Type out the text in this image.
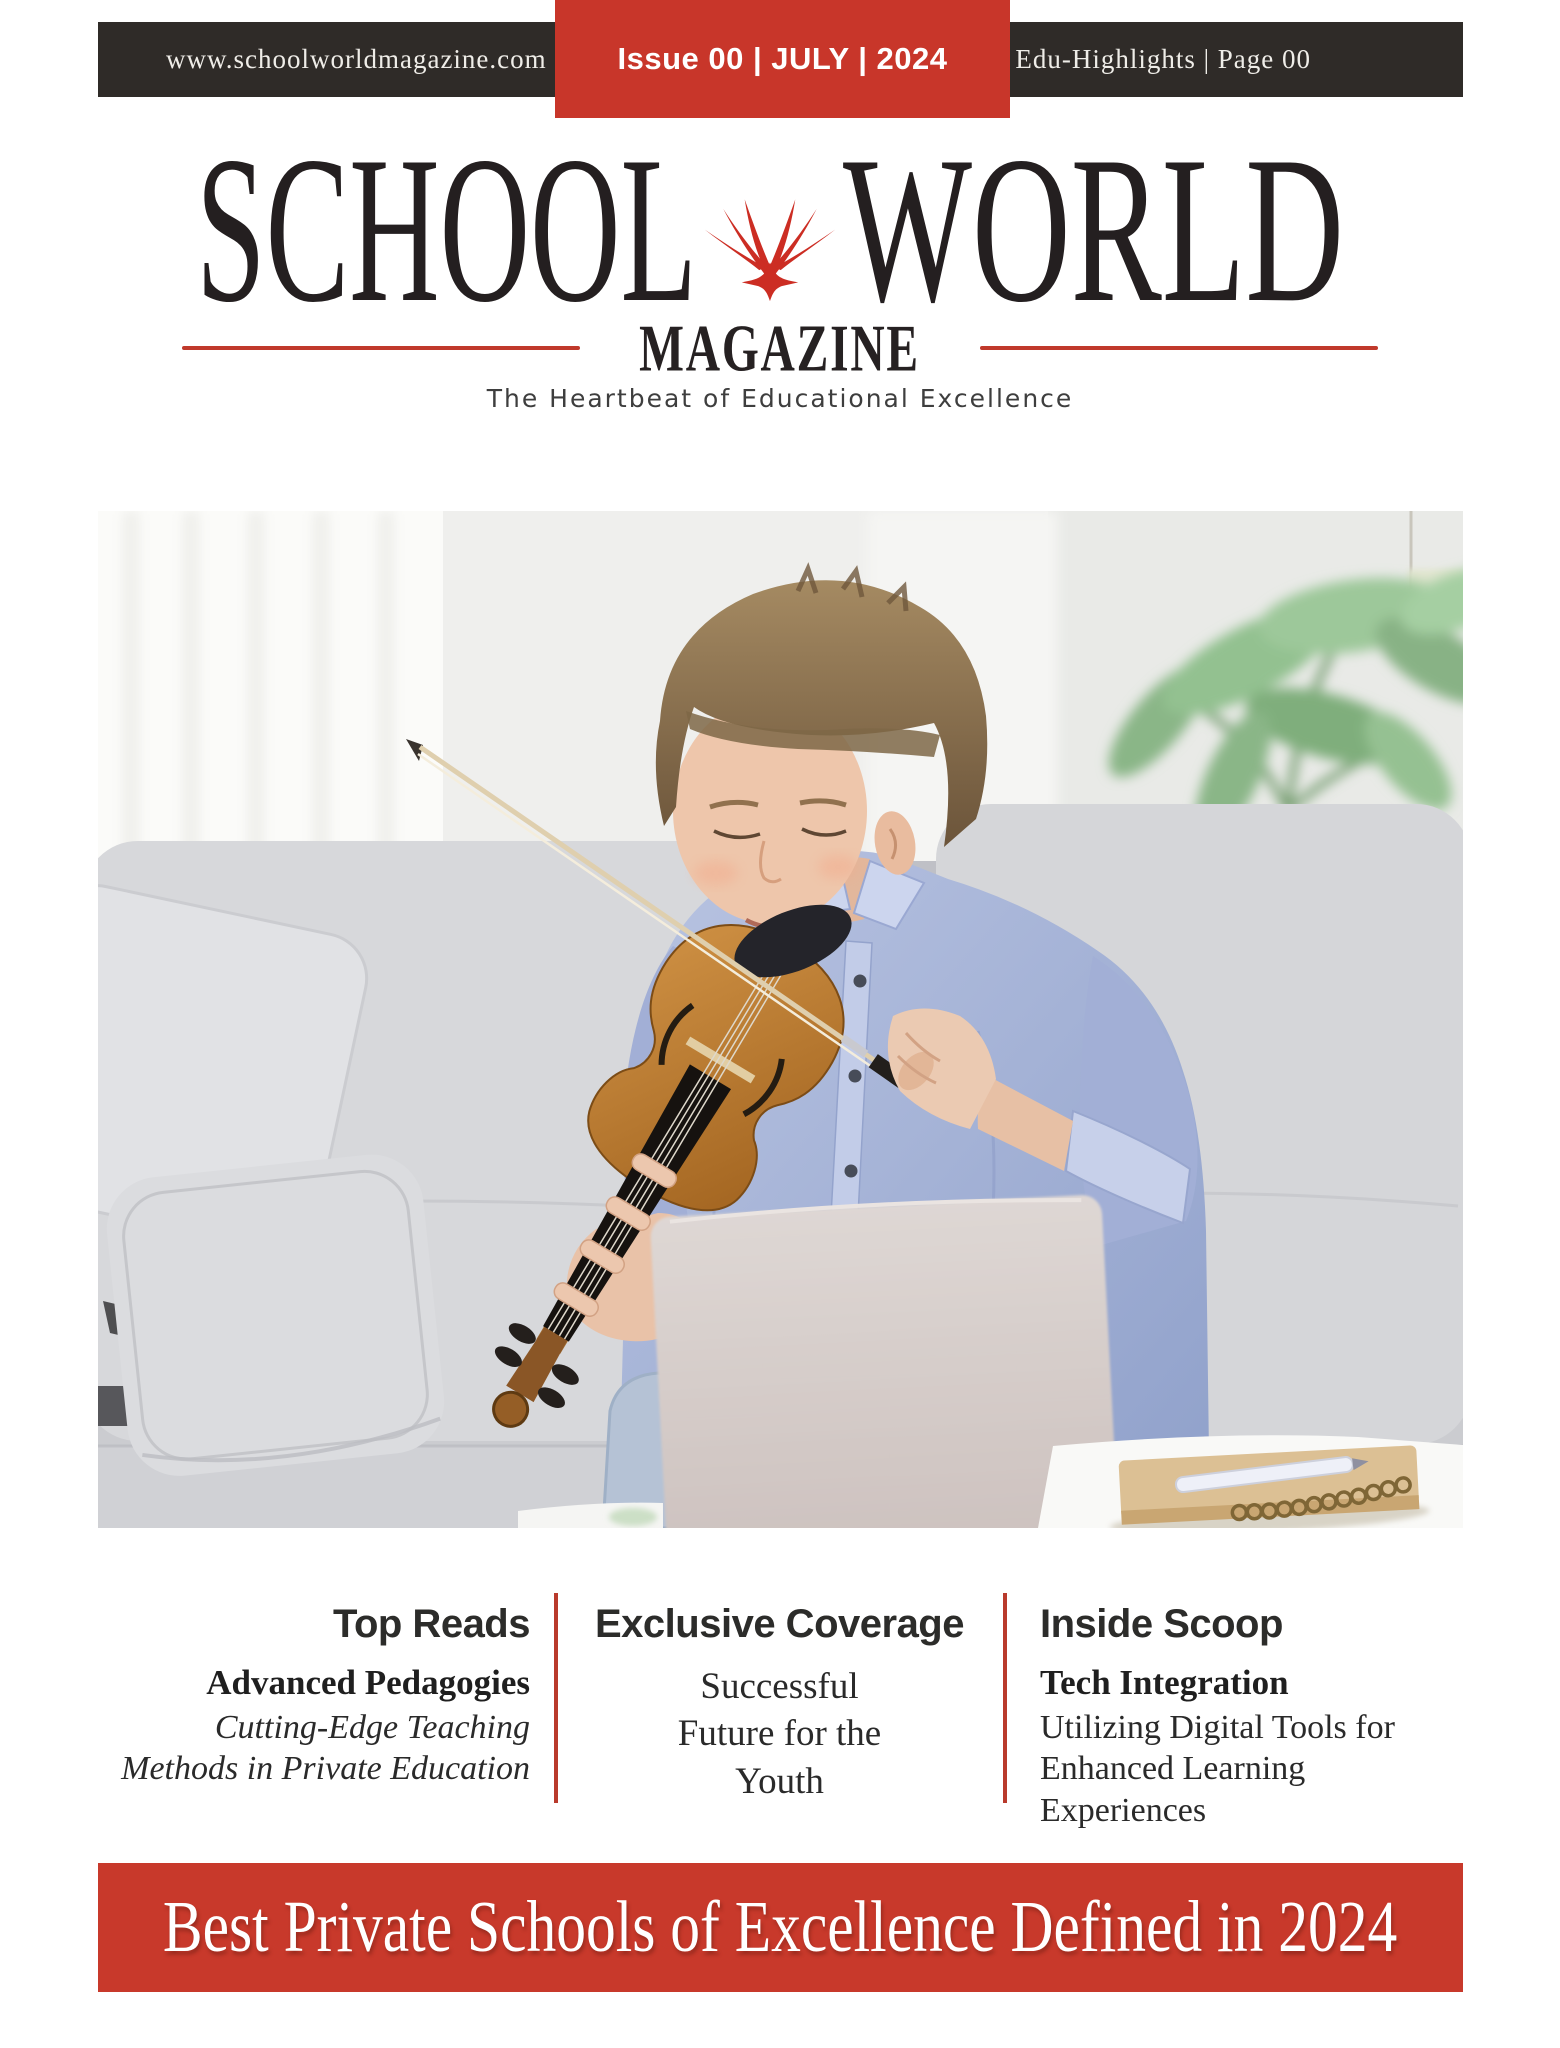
www.schoolworldmagazine.com	Edu-Highlights | Page 00
Issue 00 | JULY | 2024
SCHOOL WORLD
MAGAZINE
The Heartbeat of Educational Excellence
Top Reads
Advanced Pedagogies
Cutting-Edge Teaching
Methods in Private Education
Exclusive Coverage
Successful
Future for the
Youth
Inside Scoop
Tech Integration
Utilizing Digital Tools for
Enhanced Learning Experiences
Best Private Schools of Excellence Defined in 2024
